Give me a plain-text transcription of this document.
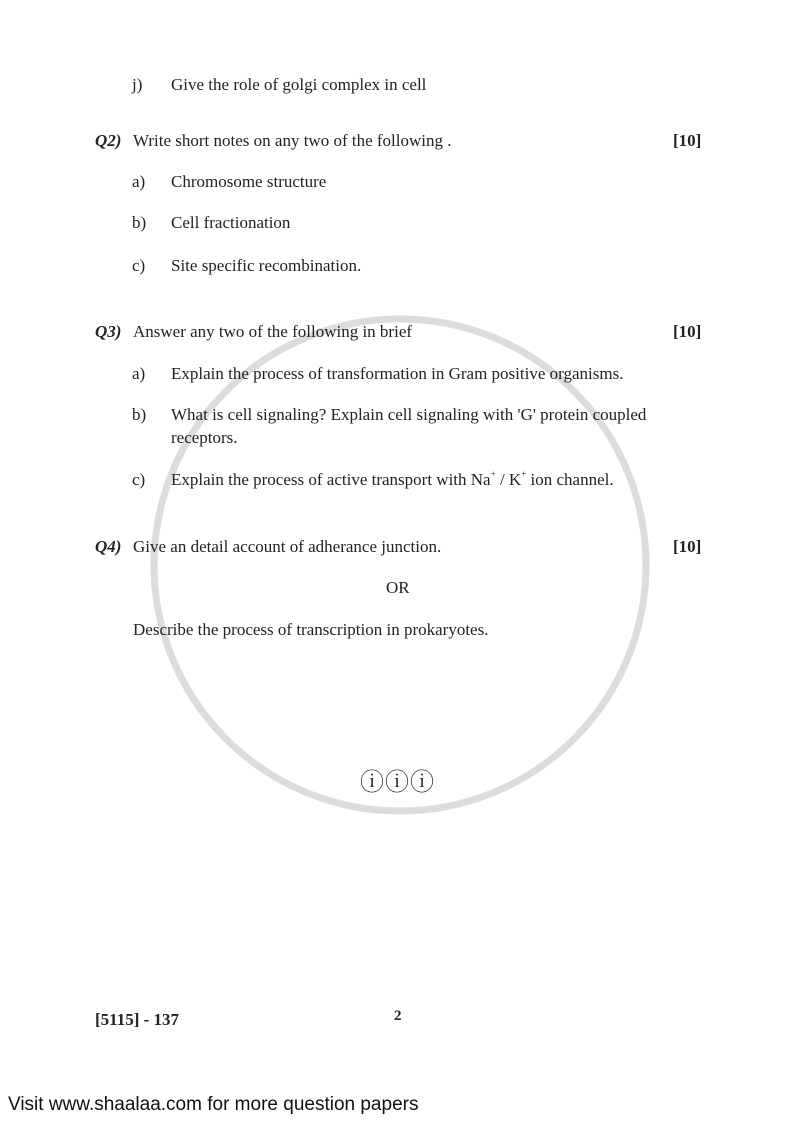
j) Give the role of golgi complex in cell
Q2) Write short notes on any two of the following .	[10]
a) Chromosome structure
b) Cell fractionation
c) Site specific recombination.
Q3) Answer any two of the following in brief	[10]
a) Explain the process of transformation in Gram positive organisms.
b) What is cell signaling? Explain cell signaling with 'G' protein coupled
receptors.
c) Explain the process of active transport with Na + / K + ion channel.
Q4) Give an detail account of adherance junction.	[10]
OR
Describe the process of transcription in prokaryotes.
ⓘⓘⓘ
[5115] - 137	2
Visit www.shaalaa.com for more question papers
